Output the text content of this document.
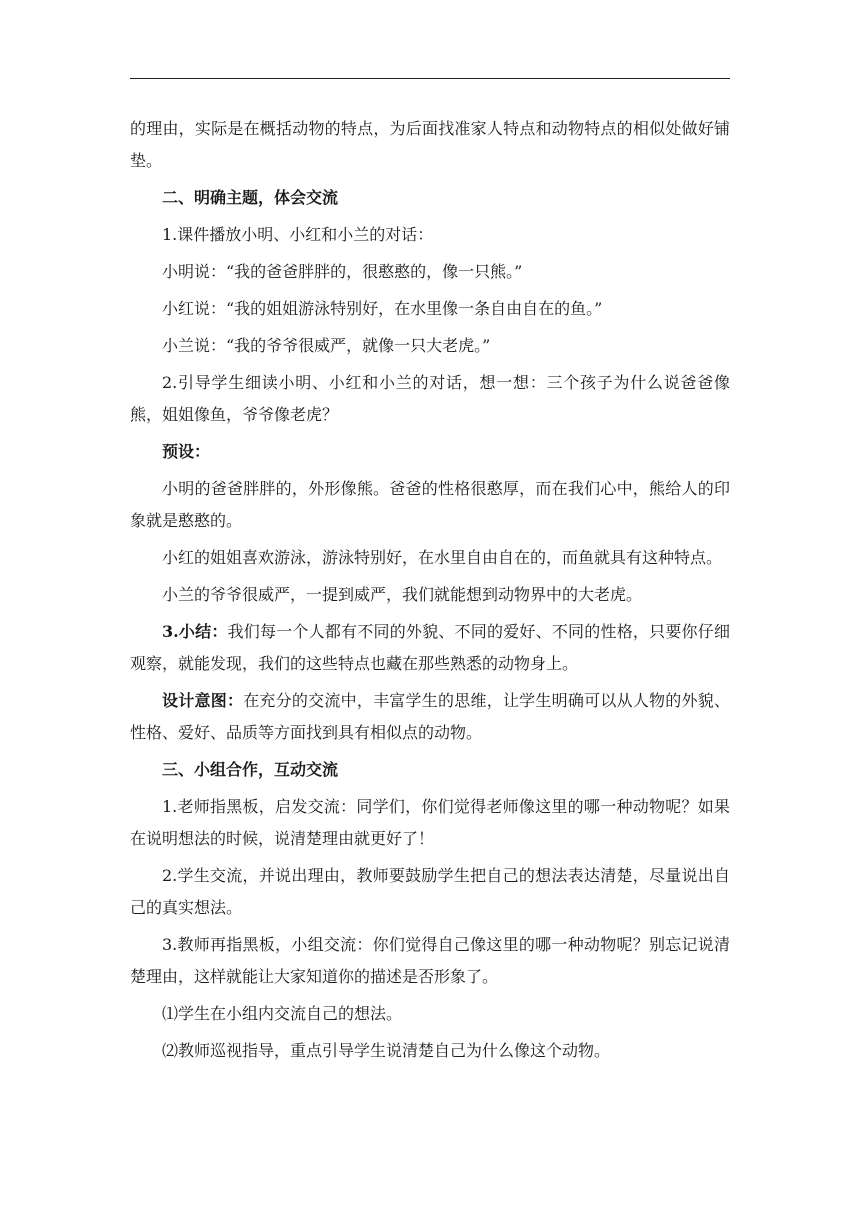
的理由，实际是在概括动物的特点，为后面找准家人特点和动物特点的相似处做好铺垫。

二、明确主题，体会交流

1.课件播放小明、小红和小兰的对话：

小明说：“我的爸爸胖胖的，很憨憨的，像一只熊。”

小红说：“我的姐姐游泳特别好，在水里像一条自由自在的鱼。”

小兰说：“我的爷爷很威严，就像一只大老虎。”

2.引导学生细读小明、小红和小兰的对话，想一想：三个孩子为什么说爸爸像熊，姐姐像鱼，爷爷像老虎？

预设：

小明的爸爸胖胖的，外形像熊。爸爸的性格很憨厚，而在我们心中，熊给人的印象就是憨憨的。

小红的姐姐喜欢游泳，游泳特别好，在水里自由自在的，而鱼就具有这种特点。

小兰的爷爷很威严，一提到威严，我们就能想到动物界中的大老虎。

3.小结：我们每一个人都有不同的外貌、不同的爱好、不同的性格，只要你仔细观察，就能发现，我们的这些特点也藏在那些熟悉的动物身上。

设计意图：在充分的交流中，丰富学生的思维，让学生明确可以从人物的外貌、性格、爱好、品质等方面找到具有相似点的动物。

三、小组合作，互动交流

1.老师指黑板，启发交流：同学们，你们觉得老师像这里的哪一种动物呢？如果在说明想法的时候，说清楚理由就更好了！

2.学生交流，并说出理由，教师要鼓励学生把自己的想法表达清楚，尽量说出自己的真实想法。

3.教师再指黑板，小组交流：你们觉得自己像这里的哪一种动物呢？别忘记说清楚理由，这样就能让大家知道你的描述是否形象了。

⑴学生在小组内交流自己的想法。

⑵教师巡视指导，重点引导学生说清楚自己为什么像这个动物。
